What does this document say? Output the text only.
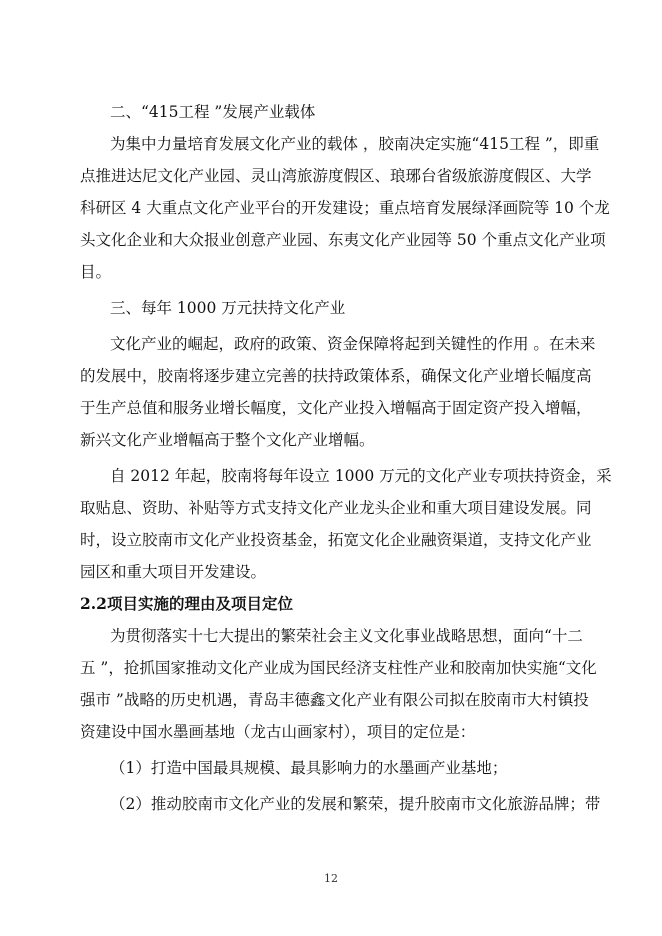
二、“415工程 ”发展产业载体

为集中力量培育发展文化产业的载体 ，胶南决定实施“415工程 ”，即重
点推进达尼文化产业园、灵山湾旅游度假区、琅琊台省级旅游度假区、大学
科研区 4 大重点文化产业平台的开发建设；重点培育发展绿泽画院等 10 个龙
头文化企业和大众报业创意产业园、东夷文化产业园等 50 个重点文化产业项
目。

三、每年 1000 万元扶持文化产业

文化产业的崛起，政府的政策、资金保障将起到关键性的作用 。在未来
的发展中，胶南将逐步建立完善的扶持政策体系，确保文化产业增长幅度高
于生产总值和服务业增长幅度，文化产业投入增幅高于固定资产投入增幅，
新兴文化产业增幅高于整个文化产业增幅。

自 2012 年起，胶南将每年设立 1000 万元的文化产业专项扶持资金，采
取贴息、资助、补贴等方式支持文化产业龙头企业和重大项目建设发展。同
时，设立胶南市文化产业投资基金，拓宽文化企业融资渠道，支持文化产业
园区和重大项目开发建设。

2.2项目实施的理由及项目定位

为贯彻落实十七大提出的繁荣社会主义文化事业战略思想，面向“十二
五 ”，抢抓国家推动文化产业成为国民经济支柱性产业和胶南加快实施“文化
强市 ”战略的历史机遇，青岛丰德鑫文化产业有限公司拟在胶南市大村镇投
资建设中国水墨画基地（龙古山画家村），项目的定位是：

（1）打造中国最具规模、最具影响力的水墨画产业基地；

（2）推动胶南市文化产业的发展和繁荣，提升胶南市文化旅游品牌；带

12
